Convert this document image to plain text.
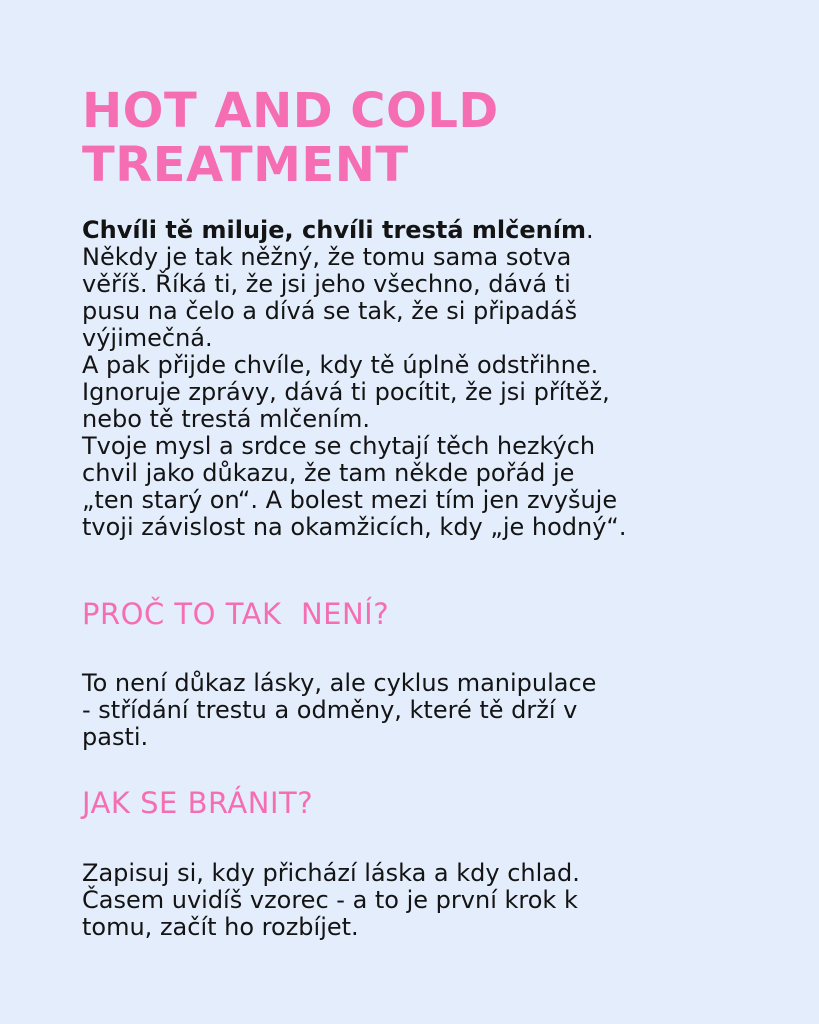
HOT AND COLD
TREATMENT

Chvíli tě miluje, chvíli trestá mlčením.
Někdy je tak něžný, že tomu sama sotva
věříš. Říká ti, že jsi jeho všechno, dává ti
pusu na čelo a dívá se tak, že si připadáš
výjimečná.
A pak přijde chvíle, kdy tě úplně odstřihne.
Ignoruje zprávy, dává ti pocítit, že jsi přítěž,
nebo tě trestá mlčením.
Tvoje mysl a srdce se chytají těch hezkých
chvil jako důkazu, že tam někde pořád je
„ten starý on“. A bolest mezi tím jen zvyšuje
tvoji závislost na okamžicích, kdy „je hodný“.

PROČ TO TAK  NENÍ?

To není důkaz lásky, ale cyklus manipulace
- střídání trestu a odměny, které tě drží v
pasti.

JAK SE BRÁNIT?

Zapisuj si, kdy přichází láska a kdy chlad.
Časem uvidíš vzorec - a to je první krok k
tomu, začít ho rozbíjet.
